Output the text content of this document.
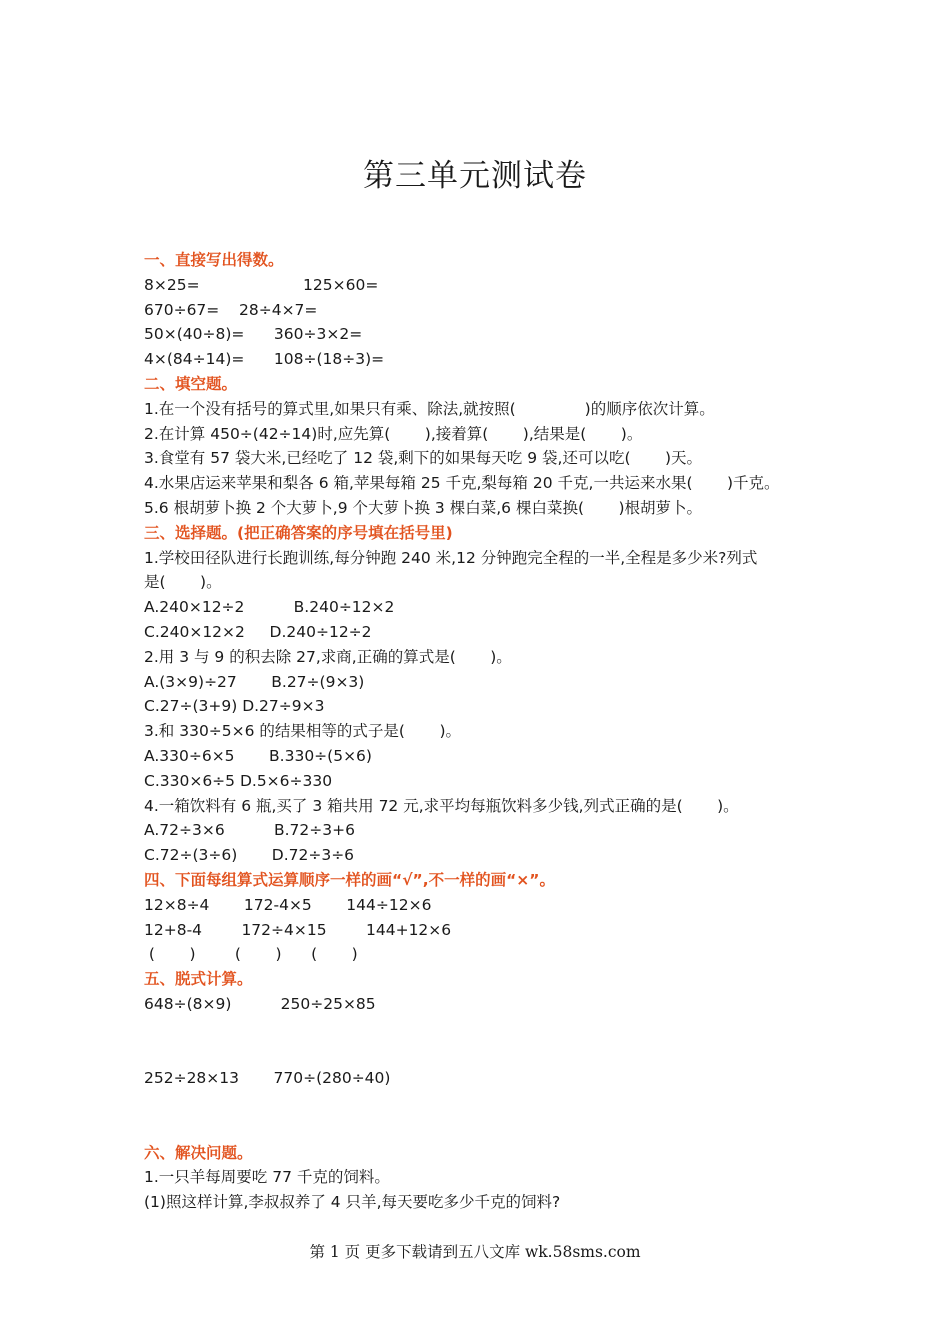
第三单元测试卷
一、直接写出得数。
8×25=                     125×60=
670÷67=    28÷4×7=
50×(40÷8)=      360÷3×2=
4×(84÷14)=      108÷(18÷3)=
二、填空题。
1.在一个没有括号的算式里,如果只有乘、除法,就按照(              )的顺序依次计算。
2.在计算 450÷(42÷14)时,应先算(       ),接着算(       ),结果是(       )。
3.食堂有 57 袋大米,已经吃了 12 袋,剩下的如果每天吃 9 袋,还可以吃(       )天。
4.水果店运来苹果和梨各 6 箱,苹果每箱 25 千克,梨每箱 20 千克,一共运来水果(       )千克。
5.6 根胡萝卜换 2 个大萝卜,9 个大萝卜换 3 棵白菜,6 棵白菜换(       )根胡萝卜。
三、选择题。(把正确答案的序号填在括号里)
1.学校田径队进行长跑训练,每分钟跑 240 米,12 分钟跑完全程的一半,全程是多少米?列式
是(       )。
A.240×12÷2          B.240÷12×2
C.240×12×2     D.240÷12÷2
2.用 3 与 9 的积去除 27,求商,正确的算式是(       )。
A.(3×9)÷27       B.27÷(9×3)
C.27÷(3+9) D.27÷9×3
3.和 330÷5×6 的结果相等的式子是(       )。
A.330÷6×5       B.330÷(5×6)
C.330×6÷5 D.5×6÷330
4.一箱饮料有 6 瓶,买了 3 箱共用 72 元,求平均每瓶饮料多少钱,列式正确的是(       )。
A.72÷3×6          B.72÷3+6
C.72÷(3÷6)       D.72÷3÷6
四、下面每组算式运算顺序一样的画“√”,不一样的画“×”。
12×8÷4       172-4×5       144÷12×6
12+8-4        172÷4×15        144+12×6
(       )        (       )      (       )
五、脱式计算。
648÷(8×9)          250÷25×85
252÷28×13       770÷(280÷40)
六、解决问题。
1.一只羊每周要吃 77 千克的饲料。
(1)照这样计算,李叔叔养了 4 只羊,每天要吃多少千克的饲料?
第 1 页 更多下载请到五八文库 wk.58sms.com
